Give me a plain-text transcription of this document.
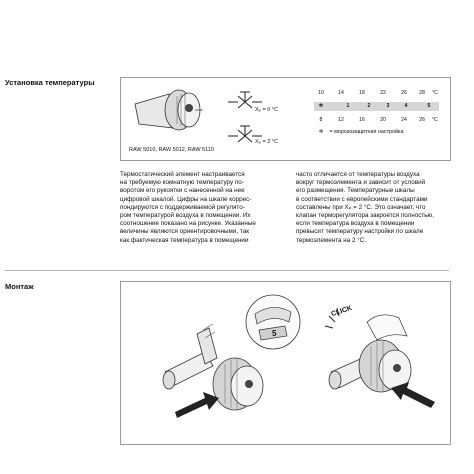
Установка температуры
RAW 5010, RAW 5012, RAW 5110
Xₚ = 0 °C
Xₚ = 2 °C
10	14	18	22	26	28	°C
✲	1	2	3	4	5
8	12	16	20	24	26	°C
✲ = морозозащитная настройка
Термостатический элемент настраивается
на требуемую комнатную температуру по-
воротом его рукоятки с нанесенной на нее
цифровой шкалой. Цифры на шкале коррес-
пондируются с поддерживаемой регулято-
ром температурой воздуха в помещении. Их
соотношение показано на рисунке. Указанные
величины являются ориентировочными, так
как фактическая температура в помещении
часто отличается от температуры воздуха
вокруг термоэлемента и зависит от условий
его размещения. Температурные шкалы
в соответствии с европейскими стандартами
составлены при Xₚ = 2 °C. Это означает, что
клапан терморегулятора закроется полностью,
если температура воздуха в помещении
превысит температуру настройки по шкале
термоэлемента на 2 °C.
Монтаж
5
CLICK
